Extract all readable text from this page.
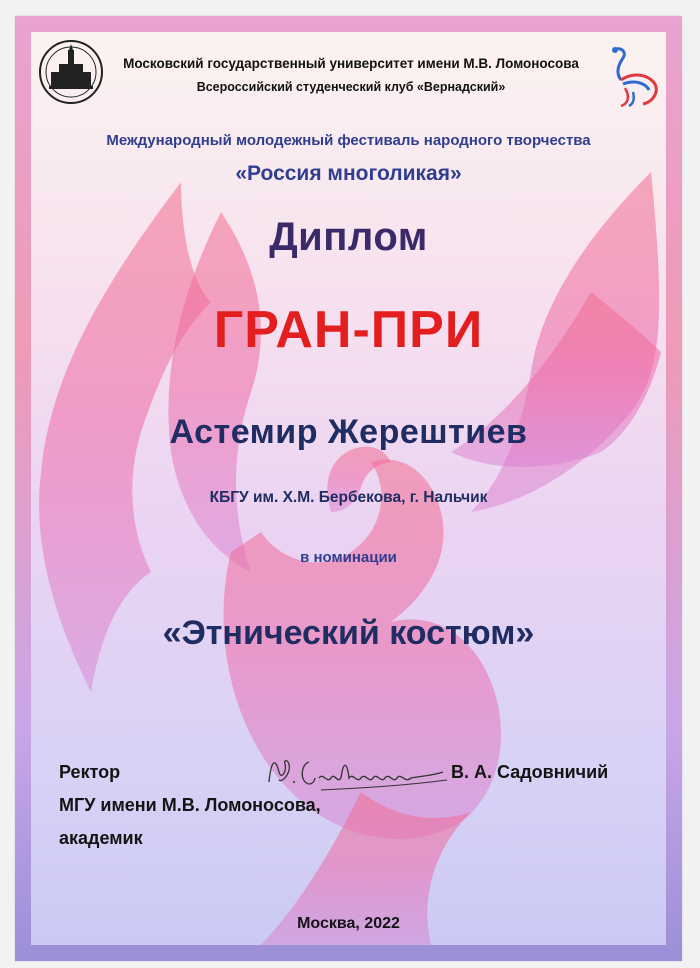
Московский государственный университет имени М.В. Ломоносова
Всероссийский студенческий клуб «Вернадский»
Международный молодежный фестиваль народного творчества
«Россия многоликая»
Диплом
ГРАН-ПРИ
Астемир Жерештиев
КБГУ им. Х.М. Бербекова, г. Нальчик
в номинации
«Этнический костюм»
Ректор
МГУ имени М.В. Ломоносова,
академик
В. А. Садовничий
Москва, 2022
